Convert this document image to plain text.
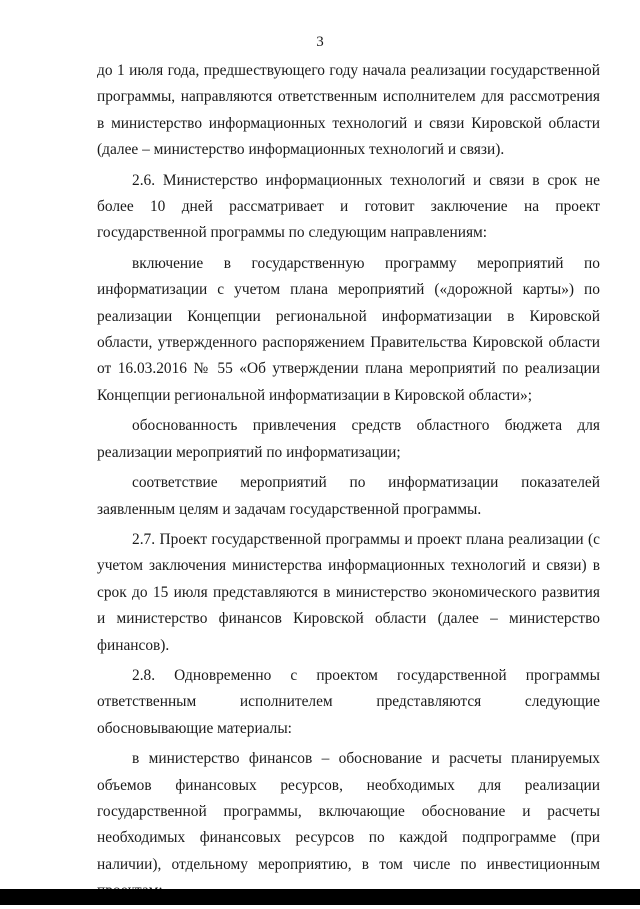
3

до 1 июля года, предшествующего году начала реализации государственной программы, направляются ответственным исполнителем для рассмотрения в министерство информационных технологий и связи Кировской области (далее – министерство информационных технологий и связи).

2.6. Министерство информационных технологий и связи в срок не более 10 дней рассматривает и готовит заключение на проект государственной программы по следующим направлениям:

включение в государственную программу мероприятий по информатизации с учетом плана мероприятий («дорожной карты») по реализации Концепции региональной информатизации в Кировской области, утвержденного распоряжением Правительства Кировской области от 16.03.2016 № 55 «Об утверждении плана мероприятий по реализации Концепции региональной информатизации в Кировской области»;

обоснованность привлечения средств областного бюджета для реализации мероприятий по информатизации;

соответствие мероприятий по информатизации показателей заявленным целям и задачам государственной программы.

2.7. Проект государственной программы и проект плана реализации (с учетом заключения министерства информационных технологий и связи) в срок до 15 июля представляются в министерство экономического развития и министерство финансов Кировской области (далее – министерство финансов).

2.8. Одновременно с проектом государственной программы ответственным исполнителем представляются следующие обосновывающие материалы:

в министерство финансов – обоснование и расчеты планируемых объемов финансовых ресурсов, необходимых для реализации государственной программы, включающие обоснование и расчеты необходимых финансовых ресурсов по каждой подпрограмме (при наличии), отдельному мероприятию, в том числе по инвестиционным
